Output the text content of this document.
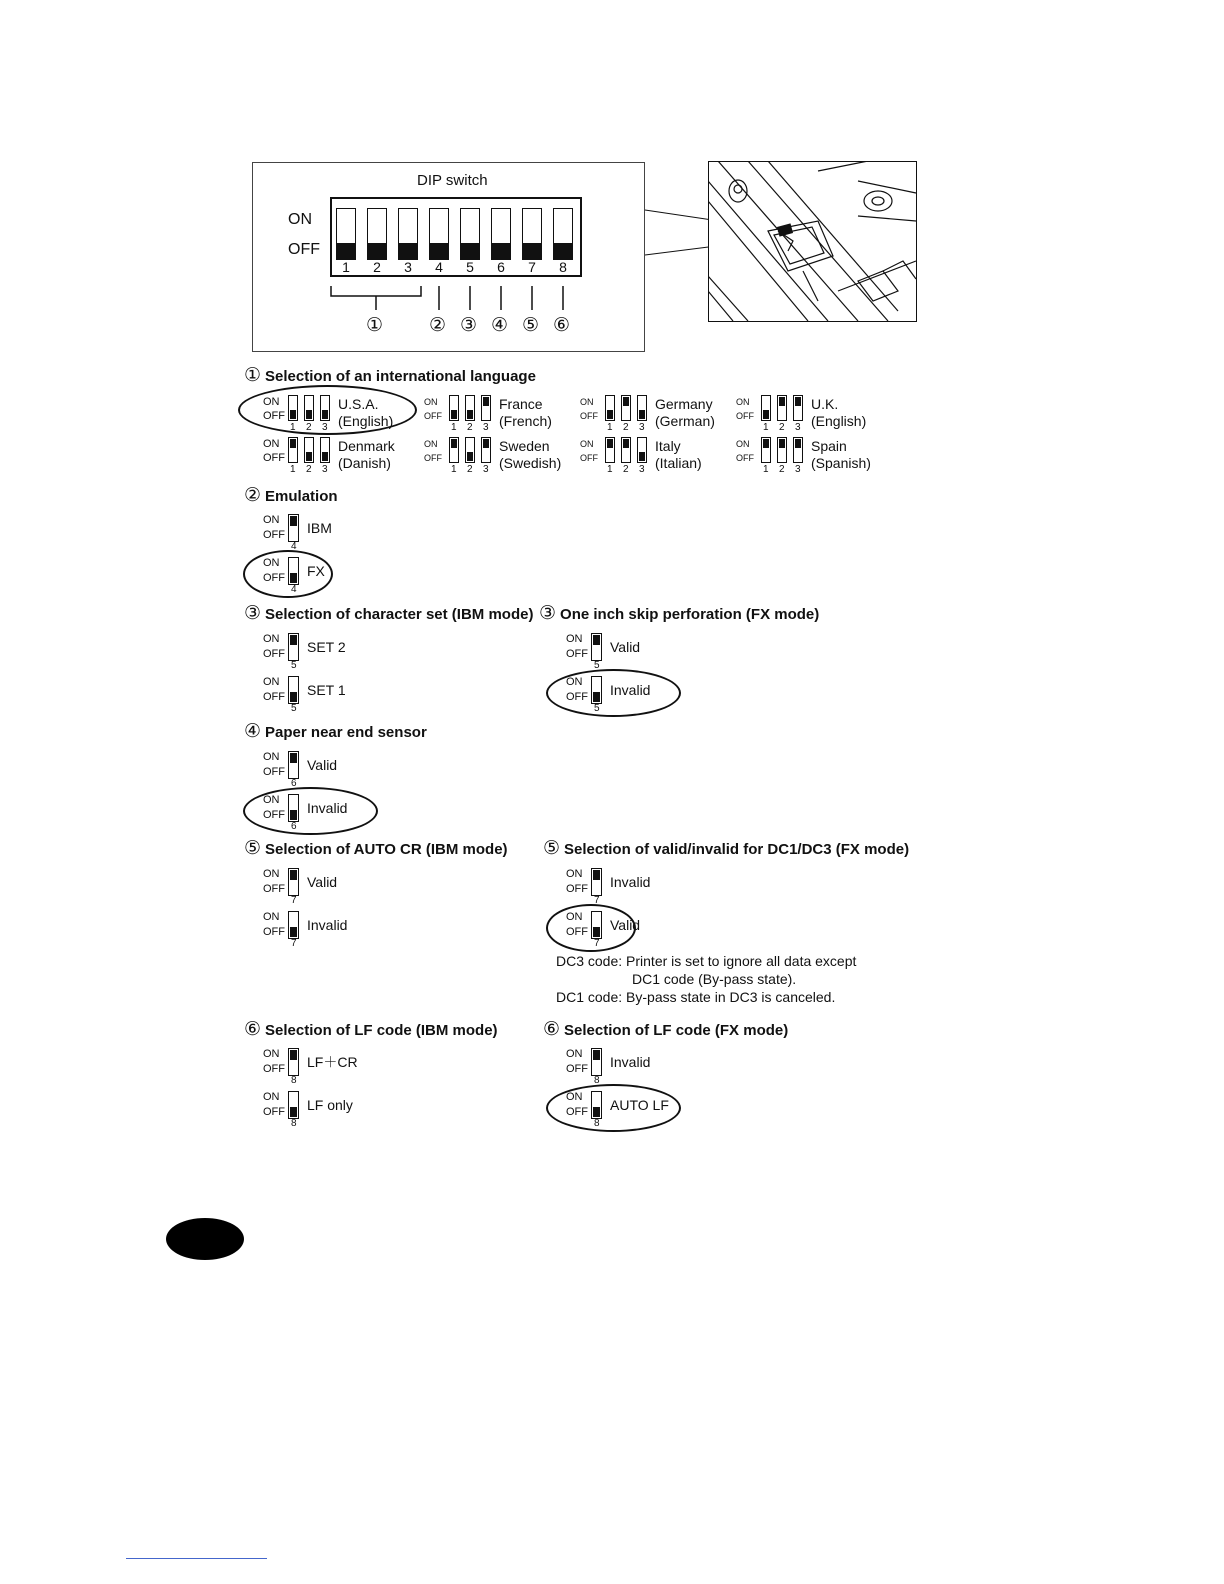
DIP switch
ON
OFF
1	2	3	4	5	6	7	8
① ② ③ ④ ⑤ ⑥
① Selection of an international language
ON
OFF
1 2 3
U.S.A.
(English)
ON
OFF
1 2 3
France
(French)
ON
OFF
1 2 3
Germany
(German)
ON
OFF
1 2 3
U.K.
(English)
ON
OFF
1 2 3
Denmark
(Danish)
ON
OFF
1 2 3
Sweden
(Swedish)
ON
OFF
1 2 3
Italy
(Italian)
ON
OFF
1 2 3
Spain
(Spanish)
② Emulation
ON
OFF
4
IBM
ON
OFF
4
FX
③ Selection of character set (IBM mode)
ON
OFF
5
SET 2
ON
OFF
5
SET 1
③ One inch skip perforation (FX mode)
ON
OFF
5
Valid
ON
OFF
5
Invalid
④ Paper near end sensor
ON
OFF
6
Valid
ON
OFF
6
Invalid
⑤ Selection of AUTO CR (IBM mode)
ON
OFF
7
Valid
ON
OFF
7
Invalid
⑤ Selection of valid/invalid for DC1/DC3 (FX mode)
ON
OFF
7
Invalid
ON
OFF
7
Valid
DC3 code: Printer is set to ignore all data except
DC1 code (By-pass state).
DC1 code: By-pass state in DC3 is canceled.
⑥ Selection of LF code (IBM mode)
ON
OFF
8
LF＋CR
ON
OFF
8
LF only
⑥ Selection of LF code (FX mode)
ON
OFF
8
Invalid
ON
OFF
8
AUTO LF
